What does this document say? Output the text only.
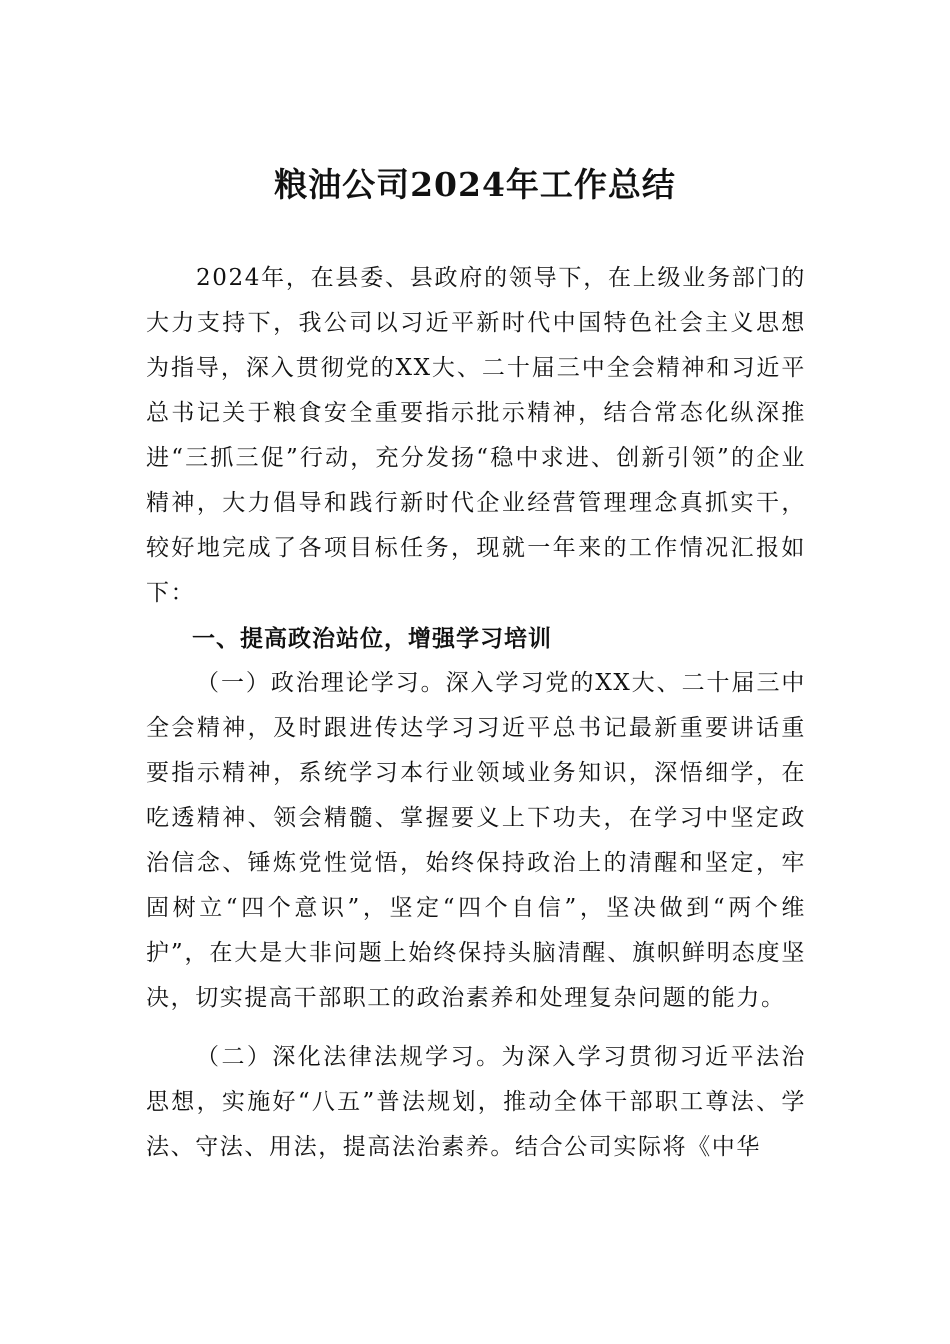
粮油公司2024年工作总结

2024年，在县委、县政府的领导下，在上级业务部门的大力支持下，我公司以习近平新时代中国特色社会主义思想为指导，深入贯彻党的XX大、二十届三中全会精神和习近平总书记关于粮食安全重要指示批示精神，结合常态化纵深推进“三抓三促”行动，充分发扬“稳中求进、创新引领”的企业精神，大力倡导和践行新时代企业经营管理理念真抓实干，较好地完成了各项目标任务，现就一年来的工作情况汇报如下：

一、提高政治站位，增强学习培训

（一）政治理论学习。深入学习党的XX大、二十届三中全会精神，及时跟进传达学习习近平总书记最新重要讲话重要指示精神，系统学习本行业领域业务知识，深悟细学，在吃透精神、领会精髓、掌握要义上下功夫，在学习中坚定政治信念、锤炼党性觉悟，始终保持政治上的清醒和坚定，牢固树立“四个意识”，坚定“四个自信”，坚决做到“两个维护”，在大是大非问题上始终保持头脑清醒、旗帜鲜明态度坚决，切实提高干部职工的政治素养和处理复杂问题的能力。

（二）深化法律法规学习。为深入学习贯彻习近平法治思想，实施好“八五”普法规划，推动全体干部职工尊法、学法、守法、用法，提高法治素养。结合公司实际将《中华
